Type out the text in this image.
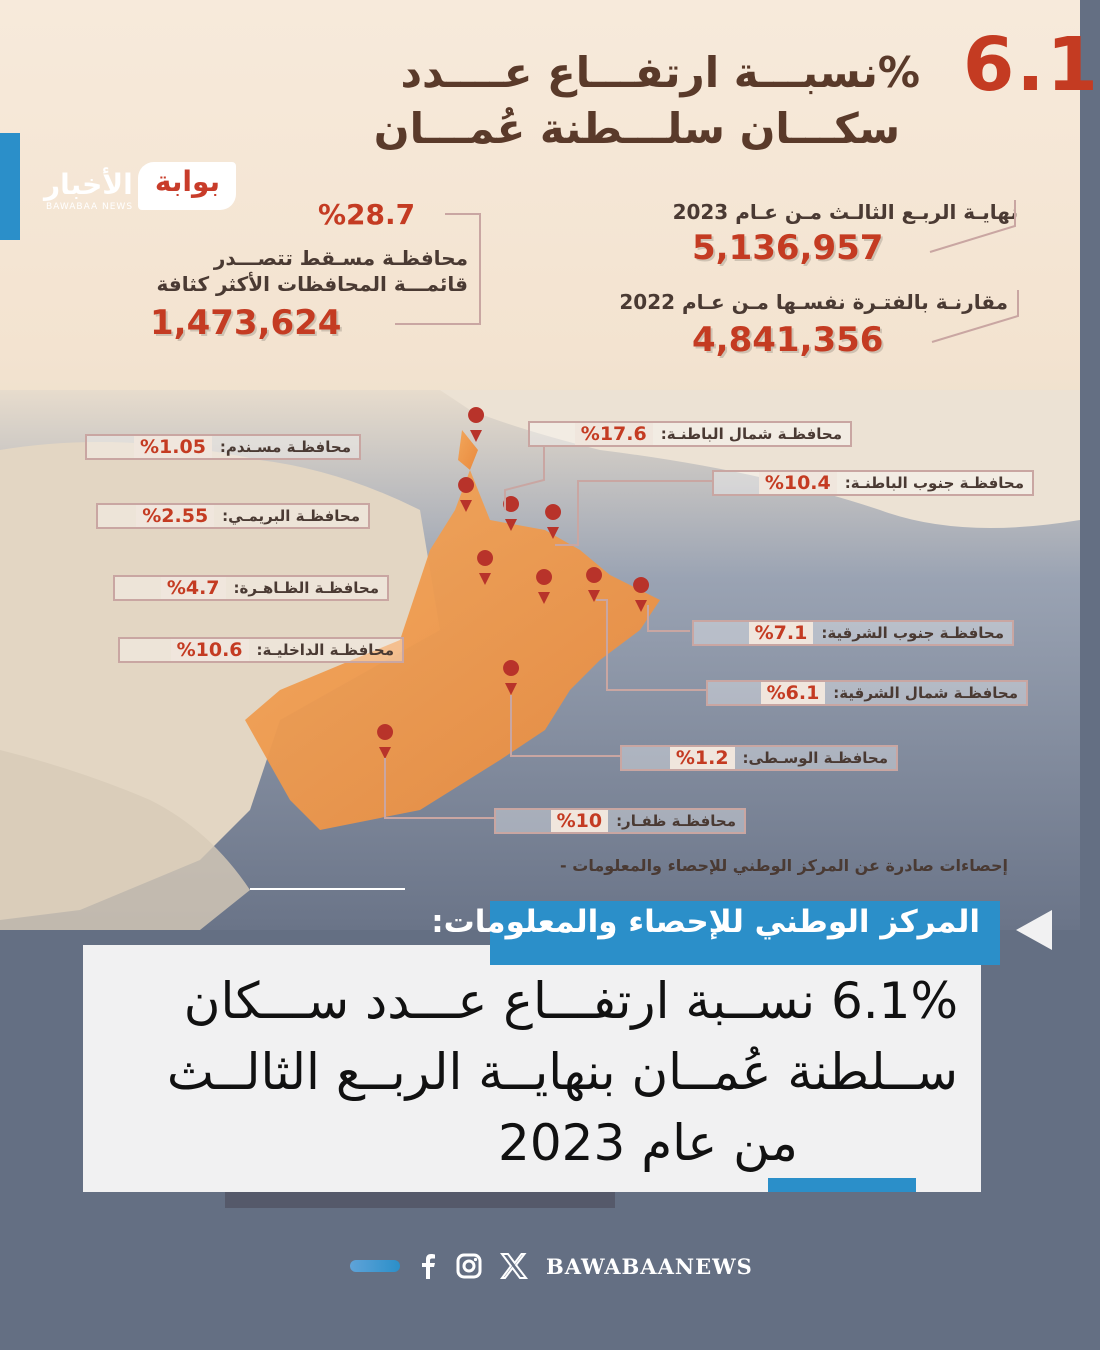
%نسبـــة ارتفـــاع عــــدد 6.1
سكـــان سلـــطنة عُمـــان
بوابة
الأخبار
BAWABAA NEWS	نهايـة الربـع الثالـث مـن عـام 2023
5,136,957
مقارنـة بالفتـرة نفسـها مـن عـام 2022
4,841,356
%28.7
محافظـة مسـقط تتصـــدر
قائمـــة المحافظات الأكثر كثافة
1,473,624
محافظـة مسـندم:
%1.05
محافظـة البريمـي:
%2.55
محافظـة الظـاهـرة:
%4.7
محافظـة الداخليـة:
%10.6
محافظـة شمال الباطنـة:
%17.6
محافظـة جنوب الباطنـة:
%10.4
محافظـة جنوب الشرقية:
%7.1
محافظـة شمال الشرقية:
%6.1
محافظـة الوسـطى:
%1.2
محافظـة ظفـار:
%10
إحصاءات صادرة عن المركز الوطني للإحصاء والمعلومات -
6.1% نســبة ارتفـــاع عـــدد ســـكان
ســلطنة عُمــان بنهايــة الربــع الثالــث
من عام 2023
المركز الوطني للإحصاء والمعلومات:
BAWABAANEWS
